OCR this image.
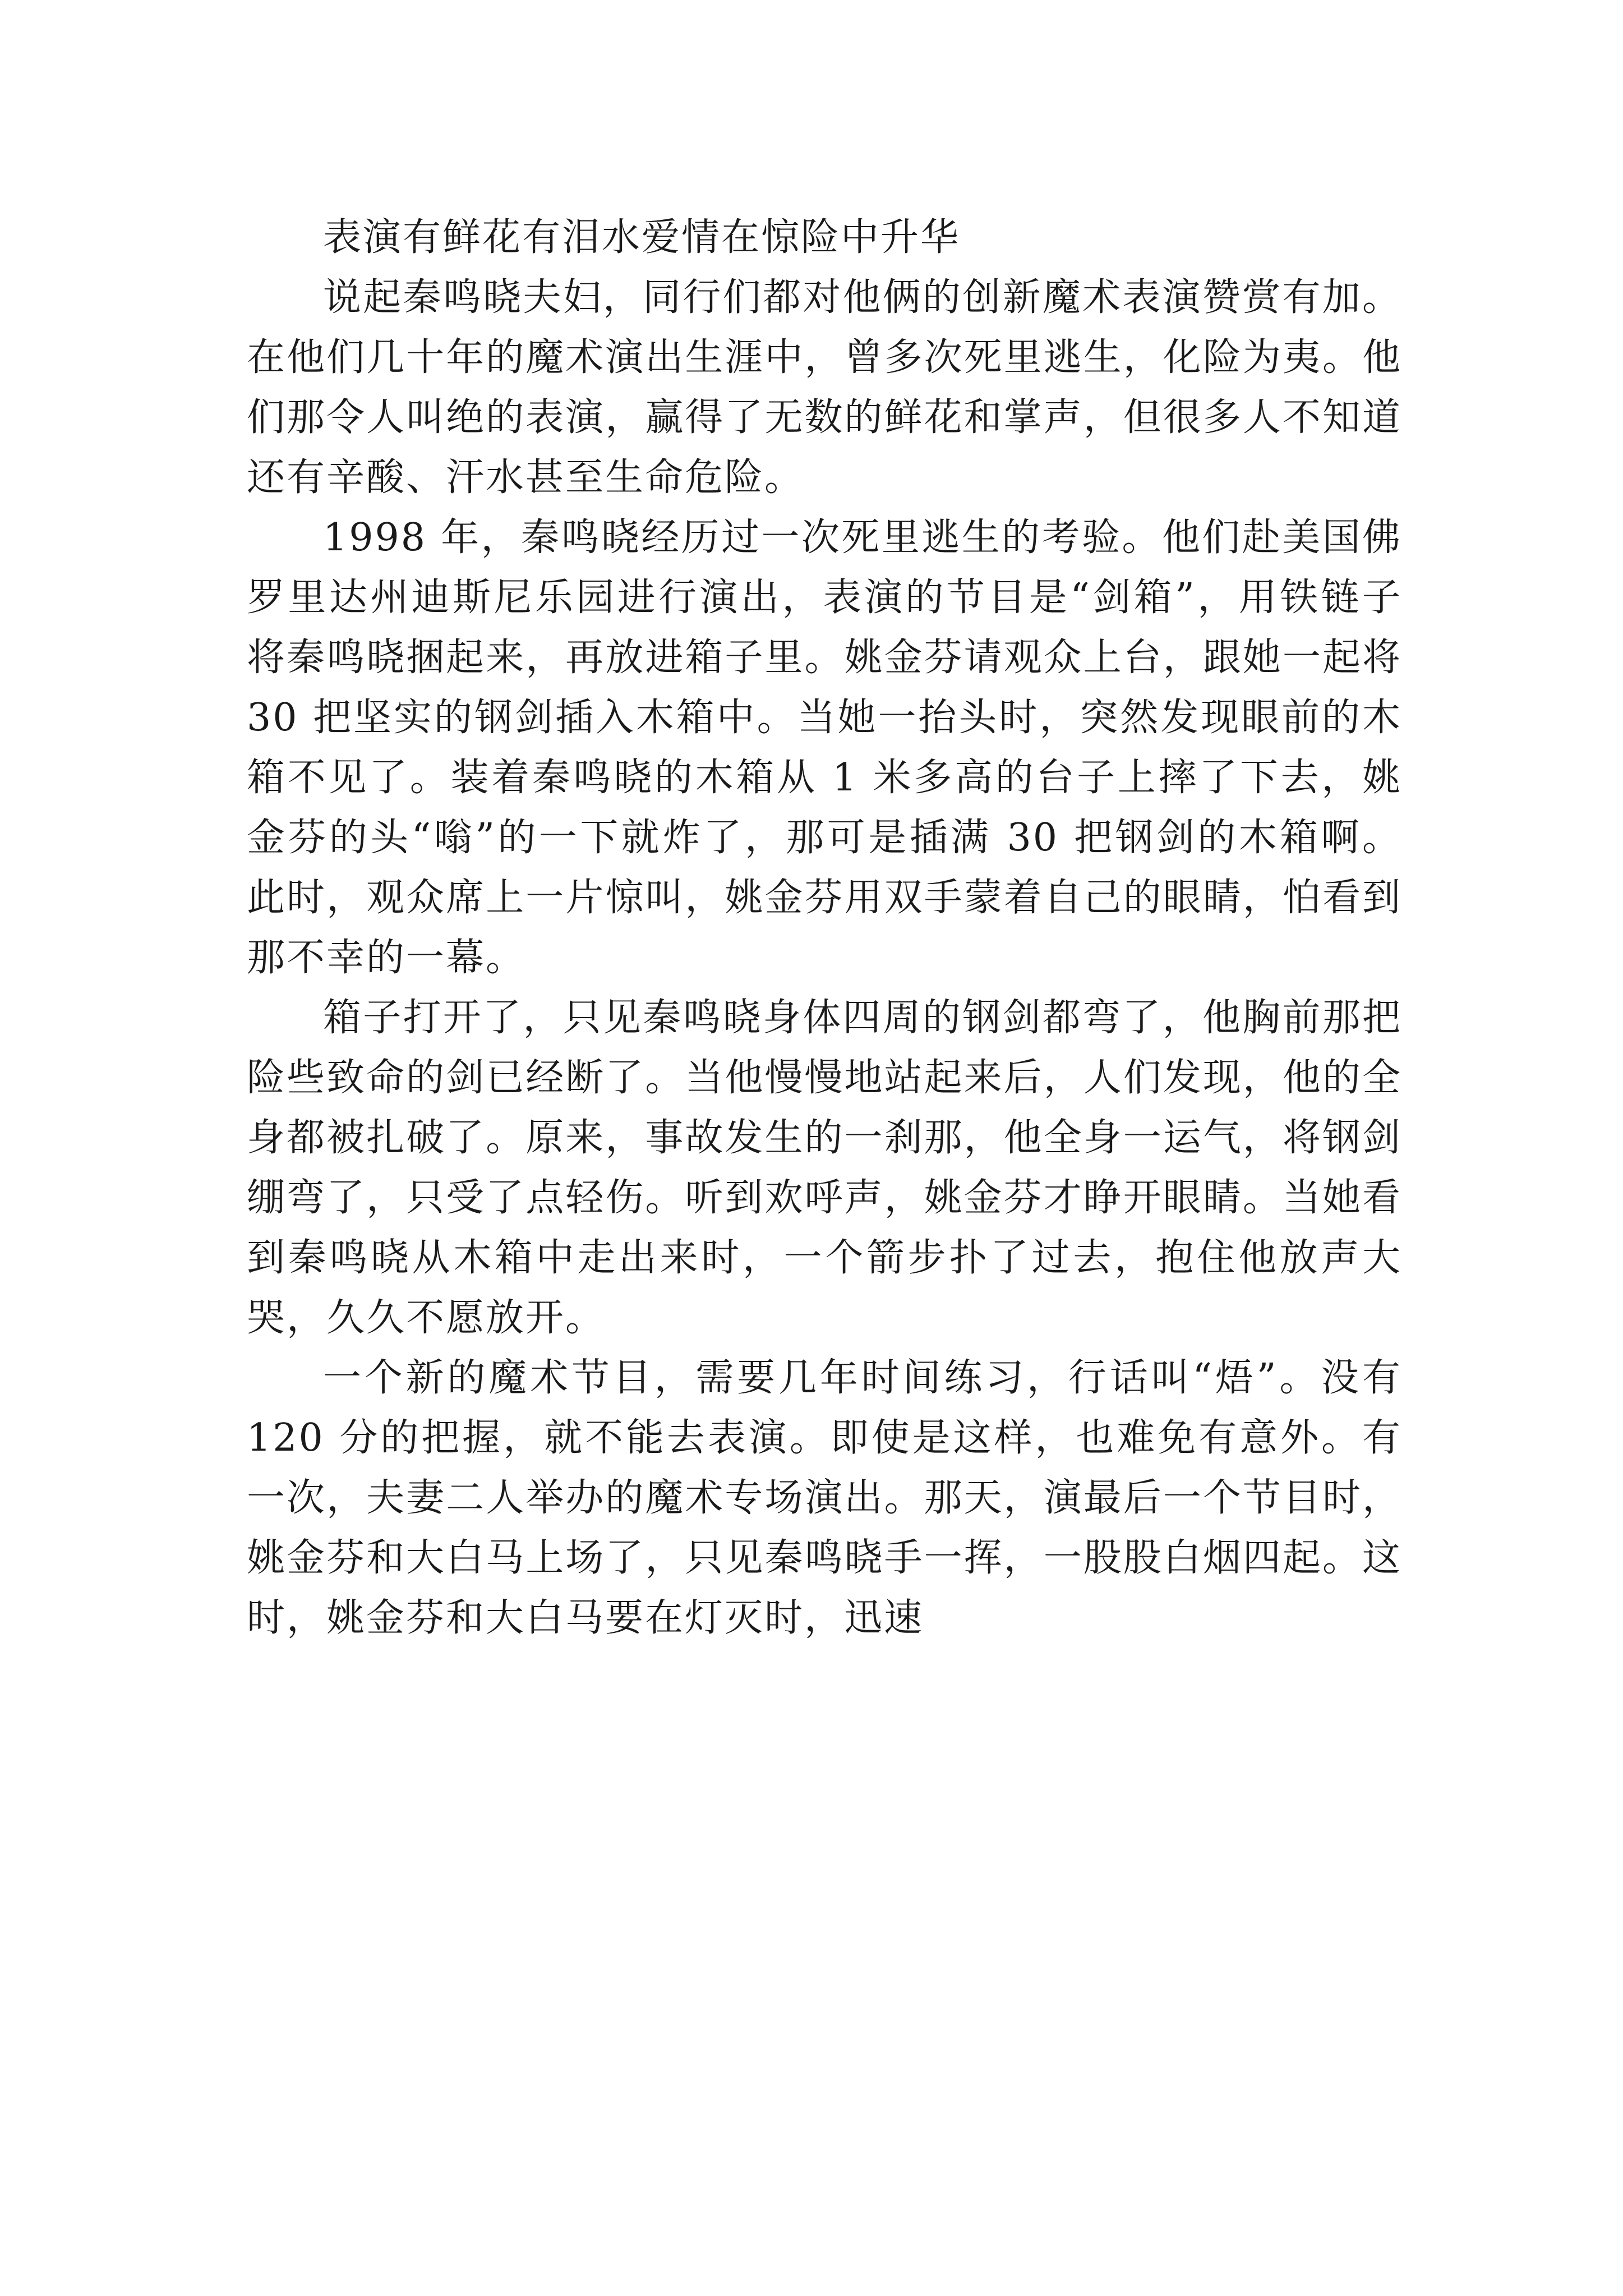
表演有鲜花有泪水爱情在惊险中升华

说起秦鸣晓夫妇，同行们都对他俩的创新魔术表演赞赏有加。在他们几十年的魔术演出生涯中，曾多次死里逃生，化险为夷。他们那令人叫绝的表演，赢得了无数的鲜花和掌声，但很多人不知道还有辛酸、汗水甚至生命危险。

1998 年，秦鸣晓经历过一次死里逃生的考验。他们赴美国佛罗里达州迪斯尼乐园进行演出，表演的节目是“剑箱”，用铁链子将秦鸣晓捆起来，再放进箱子里。姚金芬请观众上台，跟她一起将 30 把坚实的钢剑插入木箱中。当她一抬头时，突然发现眼前的木箱不见了。装着秦鸣晓的木箱从 1 米多高的台子上摔了下去，姚金芬的头“嗡”的一下就炸了，那可是插满 30 把钢剑的木箱啊。此时，观众席上一片惊叫，姚金芬用双手蒙着自己的眼睛，怕看到那不幸的一幕。

箱子打开了，只见秦鸣晓身体四周的钢剑都弯了，他胸前那把险些致命的剑已经断了。当他慢慢地站起来后，人们发现，他的全身都被扎破了。原来，事故发生的一刹那，他全身一运气，将钢剑绷弯了，只受了点轻伤。听到欢呼声，姚金芬才睁开眼睛。当她看到秦鸣晓从木箱中走出来时，一个箭步扑了过去，抱住他放声大哭，久久不愿放开。

一个新的魔术节目，需要几年时间练习，行话叫“焐”。没有 120 分的把握，就不能去表演。即使是这样，也难免有意外。有一次，夫妻二人举办的魔术专场演出。那天，演最后一个节目时，姚金芬和大白马上场了，只见秦鸣晓手一挥，一股股白烟四起。这时，姚金芬和大白马要在灯灭时，迅速
